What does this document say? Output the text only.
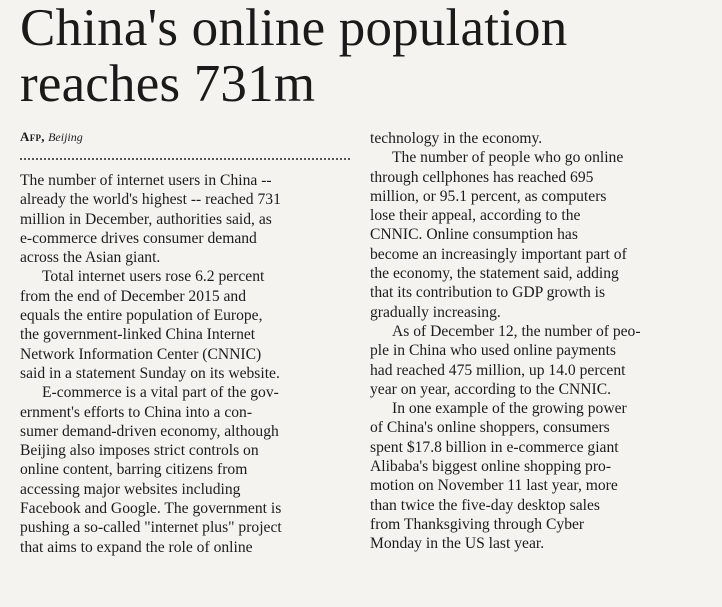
China's online population
reaches 731m
Afp, Beijing
The number of internet users in China --
already the world's highest -- reached 731
million in December, authorities said, as
e-commerce drives consumer demand
across the Asian giant.
Total internet users rose 6.2 percent
from the end of December 2015 and
equals the entire population of Europe,
the government-linked China Internet
Network Information Center (CNNIC)
said in a statement Sunday on its website.
E-commerce is a vital part of the gov-
ernment's efforts to China into a con-
sumer demand-driven economy, although
Beijing also imposes strict controls on
online content, barring citizens from
accessing major websites including
Facebook and Google. The government is
pushing a so-called "internet plus" project
that aims to expand the role of online
technology in the economy.
The number of people who go online
through cellphones has reached 695
million, or 95.1 percent, as computers
lose their appeal, according to the
CNNIC. Online consumption has
become an increasingly important part of
the economy, the statement said, adding
that its contribution to GDP growth is
gradually increasing.
As of December 12, the number of peo-
ple in China who used online payments
had reached 475 million, up 14.0 percent
year on year, according to the CNNIC.
In one example of the growing power
of China's online shoppers, consumers
spent $17.8 billion in e-commerce giant
Alibaba's biggest online shopping pro-
motion on November 11 last year, more
than twice the five-day desktop sales
from Thanksgiving through Cyber
Monday in the US last year.
